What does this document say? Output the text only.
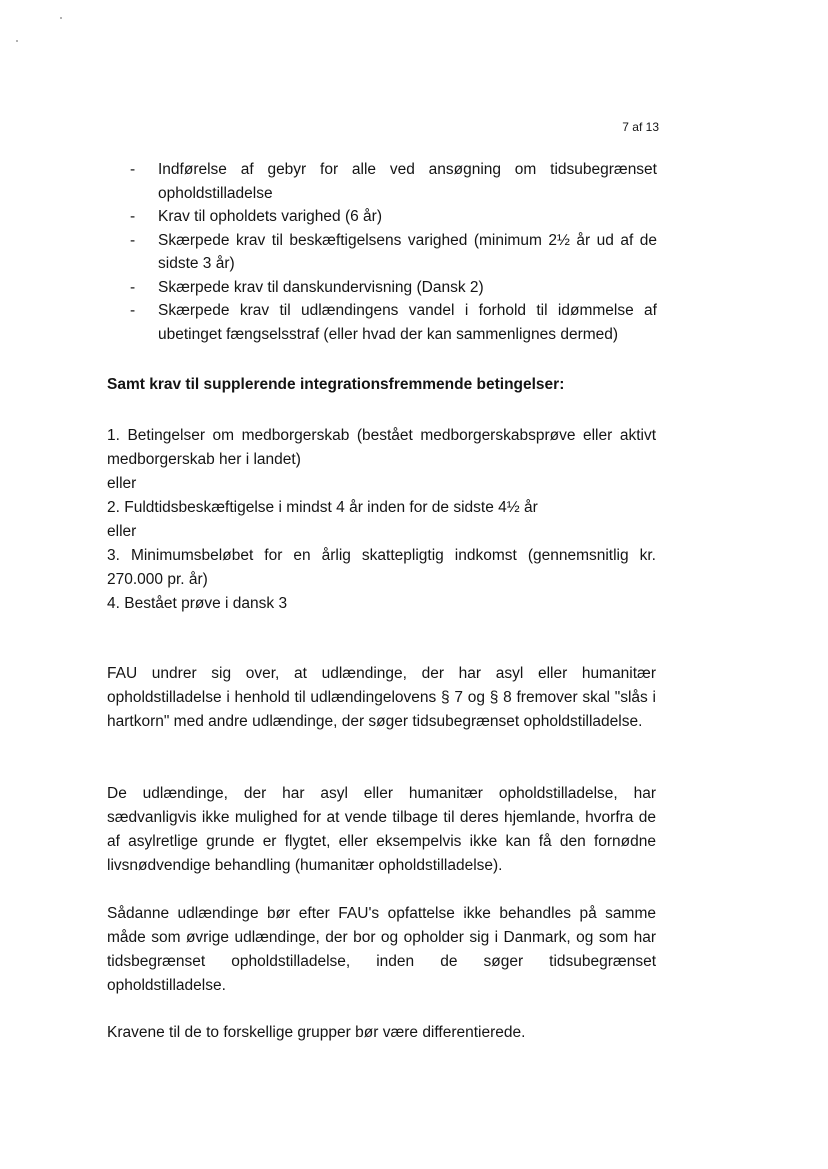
7 af 13
- Indførelse af gebyr for alle ved ansøgning om tidsubegrænset opholdstilladelse
- Krav til opholdets varighed (6 år)
- Skærpede krav til beskæftigelsens varighed (minimum 2½ år ud af de sidste 3 år)
- Skærpede krav til danskundervisning (Dansk 2)
- Skærpede krav til udlændingens vandel i forhold til idømmelse af ubetinget fængselsstraf (eller hvad der kan sammenlignes dermed)

Samt krav til supplerende integrationsfremmende betingelser:

1. Betingelser om medborgerskab (bestået medborgerskabsprøve eller aktivt medborgerskab her i landet)

eller

2. Fuldtidsbeskæftigelse i mindst 4 år inden for de sidste 4½ år

eller

3. Minimumsbeløbet for en årlig skattepligtig indkomst (gennemsnitlig kr. 270.000 pr. år)

4. Bestået prøve i dansk 3

FAU undrer sig over, at udlændinge, der har asyl eller humanitær opholdstilladelse i henhold til udlændingelovens § 7 og § 8 fremover skal "slås i hartkorn" med andre udlændinge, der søger tidsubegrænset opholdstilladelse.

De udlændinge, der har asyl eller humanitær opholdstilladelse, har sædvanligvis ikke mulighed for at vende tilbage til deres hjemlande, hvorfra de af asylretlige grunde er flygtet, eller eksempelvis ikke kan få den fornødne livsnødvendige behandling (humanitær opholdstilladelse).

Sådanne udlændinge bør efter FAU's opfattelse ikke behandles på samme måde som øvrige udlændinge, der bor og opholder sig i Danmark, og som har tidsbegrænset opholdstilladelse, inden de søger tidsubegrænset opholdstilladelse.

Kravene til de to forskellige grupper bør være differentierede.
